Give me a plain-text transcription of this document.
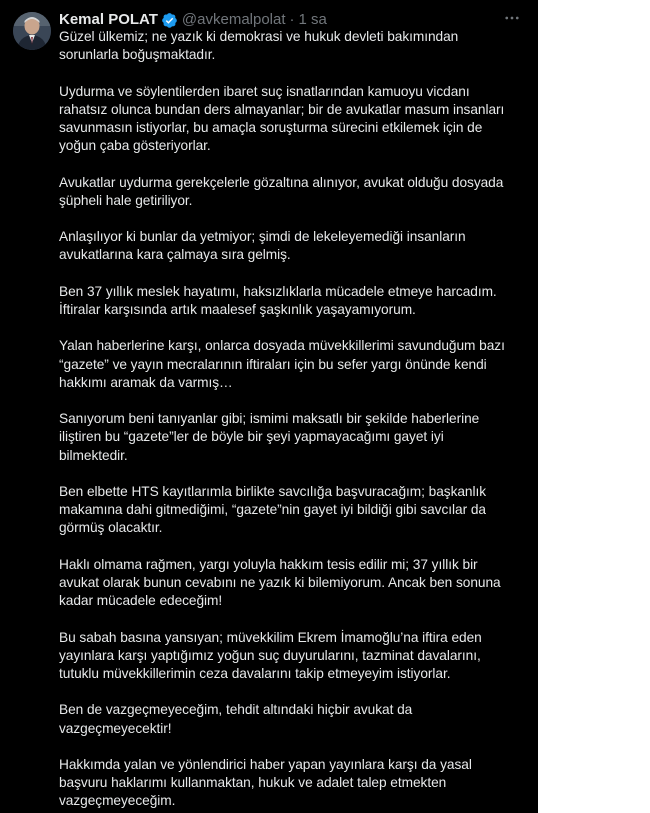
Kemal POLAT @avkemalpolat · 1 sa

Güzel ülkemiz; ne yazık ki demokrasi ve hukuk devleti bakımından
sorunlarla boğuşmaktadır.

Uydurma ve söylentilerden ibaret suç isnatlarından kamuoyu vicdanı
rahatsız olunca bundan ders almayanlar; bir de avukatlar masum insanları
savunmasın istiyorlar, bu amaçla soruşturma sürecini etkilemek için de
yoğun çaba gösteriyorlar.

Avukatlar uydurma gerekçelerle gözaltına alınıyor, avukat olduğu dosyada
şüpheli hale getiriliyor.

Anlaşılıyor ki bunlar da yetmiyor; şimdi de lekeleyemediği insanların
avukatlarına kara çalmaya sıra gelmiş.

Ben 37 yıllık meslek hayatımı, haksızlıklarla mücadele etmeye harcadım.
İftiralar karşısında artık maalesef şaşkınlık yaşayamıyorum.

Yalan haberlerine karşı, onlarca dosyada müvekkillerimi savunduğum bazı
“gazete” ve yayın mecralarının iftiraları için bu sefer yargı önünde kendi
hakkımı aramak da varmış…

Sanıyorum beni tanıyanlar gibi; ismimi maksatlı bir şekilde haberlerine
iliştiren bu “gazete”ler de böyle bir şeyi yapmayacağımı gayet iyi
bilmektedir.

Ben elbette HTS kayıtlarımla birlikte savcılığa başvuracağım; başkanlık
makamına dahi gitmediğimi, “gazete”nin gayet iyi bildiği gibi savcılar da
görmüş olacaktır.

Haklı olmama rağmen, yargı yoluyla hakkım tesis edilir mi; 37 yıllık bir
avukat olarak bunun cevabını ne yazık ki bilemiyorum. Ancak ben sonuna
kadar mücadele edeceğim!

Bu sabah basına yansıyan; müvekkilim Ekrem İmamoğlu’na iftira eden
yayınlara karşı yaptığımız yoğun suç duyurularını, tazminat davalarını,
tutuklu müvekkillerimin ceza davalarını takip etmeyeyim istiyorlar.

Ben de vazgeçmeyeceğim, tehdit altındaki hiçbir avukat da
vazgeçmeyecektir!

Hakkımda yalan ve yönlendirici haber yapan yayınlara karşı da yasal
başvuru haklarımı kullanmaktan, hukuk ve adalet talep etmekten
vazgeçmeyeceğim.
